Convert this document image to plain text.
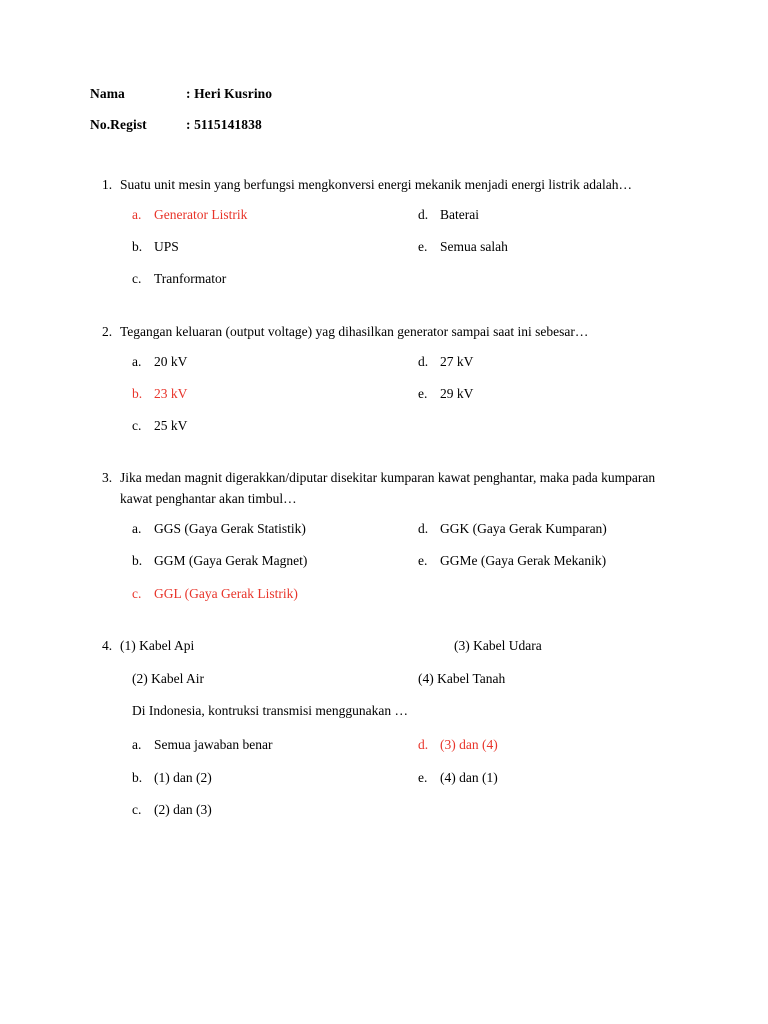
Nama	: Heri Kusrino
No.Regist	: 5115141838
1. Suatu unit mesin yang berfungsi mengkonversi energi mekanik menjadi energi listrik adalah…
a. Generator Listrik	d. Baterai
b. UPS	e. Semua salah
c. Tranformator
2. Tegangan keluaran (output voltage) yag dihasilkan generator sampai saat ini sebesar…
a. 20 kV	d. 27 kV
b. 23 kV	e. 29 kV
c. 25 kV
3. Jika medan magnit digerakkan/diputar disekitar kumparan kawat penghantar, maka pada kumparan kawat penghantar akan timbul…
a. GGS (Gaya Gerak Statistik)	d. GGK (Gaya Gerak Kumparan)
b. GGM (Gaya Gerak Magnet)	e. GGMe (Gaya Gerak Mekanik)
c. GGL (Gaya Gerak Listrik)
4. (1) Kabel Api	(3) Kabel Udara
(2) Kabel Air	(4) Kabel Tanah
Di Indonesia, kontruksi transmisi menggunakan …
a. Semua jawaban benar	d. (3) dan (4)
b. (1) dan (2)	e. (4) dan (1)
c. (2) dan (3)
